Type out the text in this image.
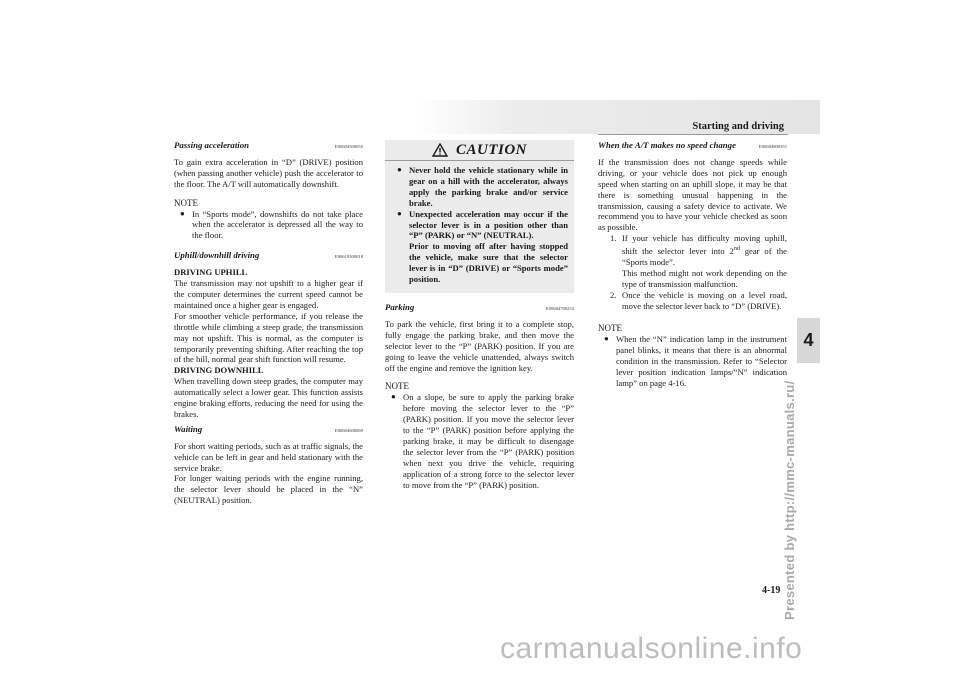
Starting and driving
Passing acceleration	E00604500055

To gain extra acceleration in “D” (DRIVE) position (when passing another vehicle) push the accelerator to the floor. The A/T will automatically downshift.

NOTE
● In “Sports mode”, downshifts do not take place when the accelerator is depressed all the way to the floor.
Uphill/downhill driving	E00610500018
DRIVING UPHILL

The transmission may not upshift to a higher gear if the computer determines the current speed cannot be maintained once a higher gear is engaged.

For smoother vehicle performance, if you release the throttle while climbing a steep grade, the transmission may not upshift. This is normal, as the computer is temporarily preventing shifting. After reaching the top of the hill, normal gear shift function will resume.

DRIVING DOWNHILL

When travelling down steep grades, the computer may automatically select a lower gear. This function assists engine braking efforts, reducing the need for using the brakes.

Waiting	E00604600069

For short waiting periods, such as at traffic signals, the vehicle can be left in gear and held stationary with the service brake.

For longer waiting periods with the engine running, the selector lever should be placed in the “N” (NEUTRAL) position.

CAUTION
● Never hold the vehicle stationary while in gear on a hill with the accelerator, always apply the parking brake and/or service brake.
● Unexpected acceleration may occur if the selector lever is in a position other than “P” (PARK) or “N” (NEUTRAL).
Prior to moving off after having stopped the vehicle, make sure that the selector lever is in “D” (DRIVE) or “Sports mode” position.
Parking	E00604700233

To park the vehicle, first bring it to a complete stop, fully engage the parking brake, and then move the selector lever to the “P” (PARK) position. If you are going to leave the vehicle unattended, always switch off the engine and remove the ignition key.

NOTE
● On a slope, be sure to apply the parking brake before moving the selector lever to the “P” (PARK) position. If you move the selector lever to the “P” (PARK) position before applying the parking brake, it may be difficult to disengage the selector lever from the “P” (PARK) position when next you drive the vehicle, requiring application of a strong force to the selector lever to move from the “P” (PARK) position.
When the A/T makes no speed change	E00604800351

If the transmission does not change speeds while driving, or your vehicle does not pick up enough speed when starting on an uphill slope, it may be that there is something unusual happening in the transmission, causing a safety device to activate. We recommend you to have your vehicle checked as soon as possible.

1. If your vehicle has difficulty moving uphill, shift the selector lever into 2nd gear of the “Sports mode”.
This method might not work depending on the type of transmission malfunction.
2. Once the vehicle is moving on a level road, move the selector lever back to “D” (DRIVE).
NOTE
● When the “N” indication lamp in the instrument panel blinks, it means that there is an abnormal condition in the transmission. Refer to “Selector lever position indication lamps/“N” indication lamp” on page 4-16.
4
Presented by http://mmc-manuals.ru/
4-19
carmanualsonline.info
